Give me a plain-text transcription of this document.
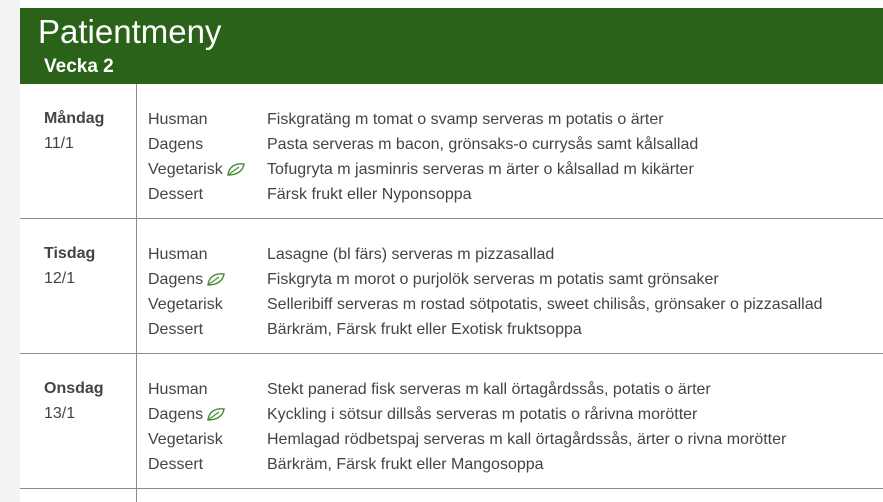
Patientmeny
Vecka 2
Måndag
11/1
Husman	Fiskgratäng m tomat o svamp serveras m potatis o ärter
Dagens	Pasta serveras m bacon, grönsaks-o currysås samt kålsallad
Vegetarisk	Tofugryta m jasminris serveras m ärter o kålsallad m kikärter
Dessert	Färsk frukt eller Nyponsoppa
Tisdag
12/1
Husman	Lasagne (bl färs) serveras m pizzasallad
Dagens	Fiskgryta m morot o purjolök serveras m potatis samt grönsaker
Vegetarisk	Selleribiff serveras m rostad sötpotatis, sweet chilisås, grönsaker o pizzasallad
Dessert	Bärkräm, Färsk frukt eller Exotisk fruktsoppa
Onsdag
13/1
Husman	Stekt panerad fisk serveras m kall örtagårdssås, potatis o ärter
Dagens	Kyckling i sötsur dillsås serveras m potatis o rårivna morötter
Vegetarisk	Hemlagad rödbetspaj serveras m kall örtagårdssås, ärter o rivna morötter
Dessert	Bärkräm, Färsk frukt eller Mangosoppa
